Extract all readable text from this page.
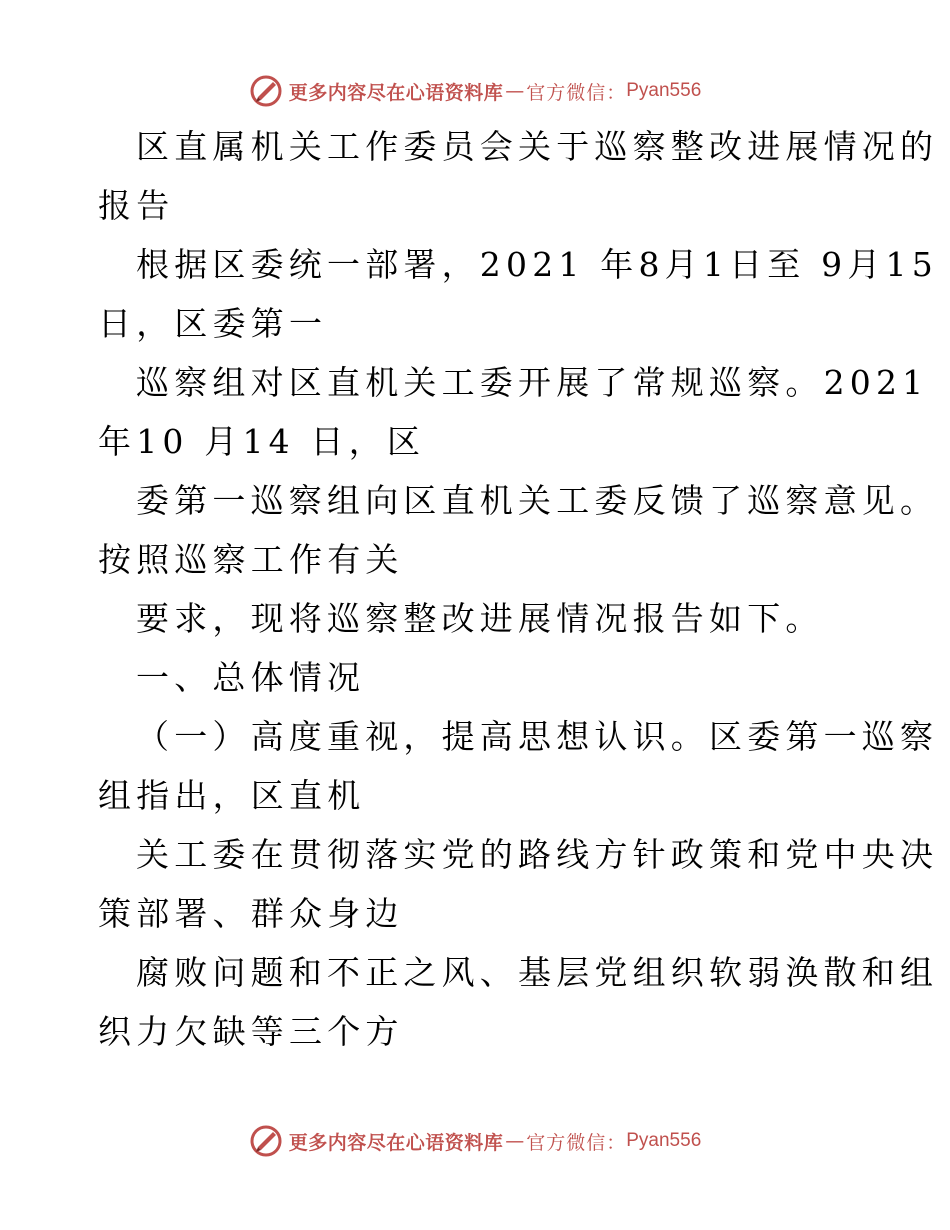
更多内容尽在心语资料库 — 官方微信： Pyan556
区直属机关工作委员会关于巡察整改进展情况的
报告
根据区委统一部署，2021 年8月1日至 9月15
日，区委第一
巡察组对区直机关工委开展了常规巡察。2021
年10 月14 日，区
委第一巡察组向区直机关工委反馈了巡察意见。
按照巡察工作有关
要求，现将巡察整改进展情况报告如下。
一、总体情况
（一）高度重视，提高思想认识。区委第一巡察
组指出，区直机
关工委在贯彻落实党的路线方针政策和党中央决
策部署、群众身边
腐败问题和不正之风、基层党组织软弱涣散和组
织力欠缺等三个方
更多内容尽在心语资料库 — 官方微信： Pyan556
